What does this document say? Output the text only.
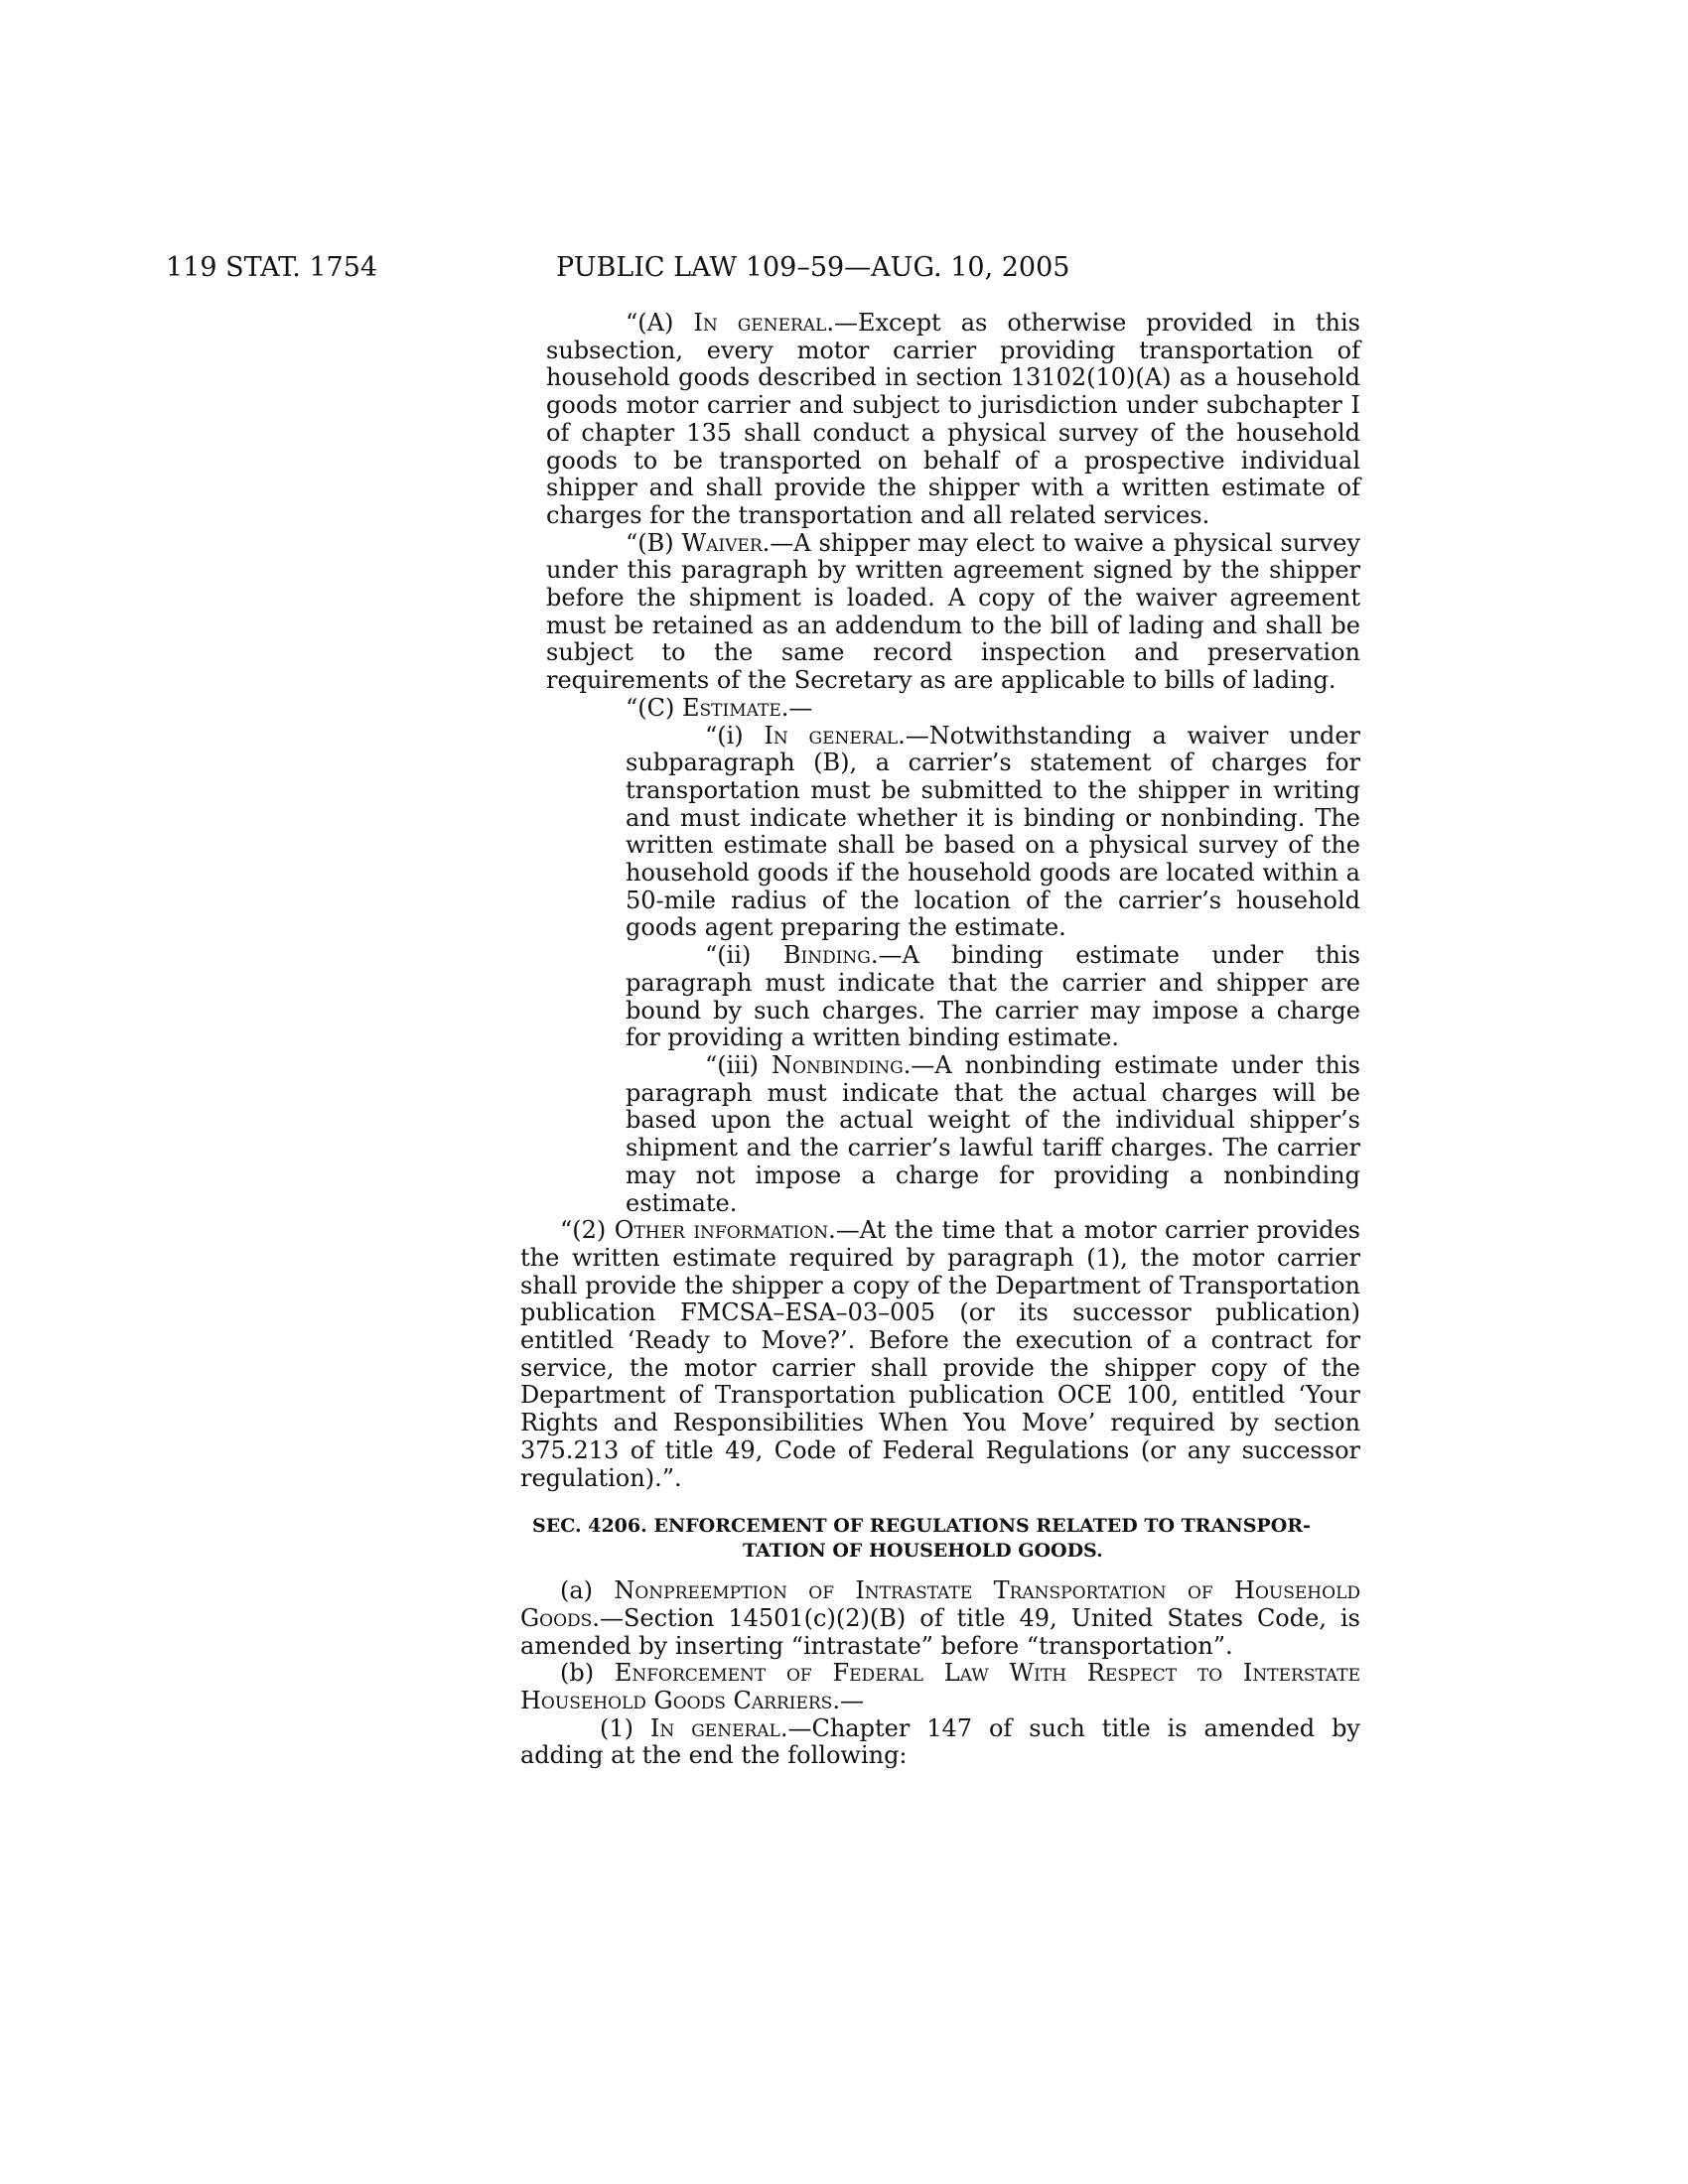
119 STAT. 1754	PUBLIC LAW 109–59—AUG. 10, 2005

“(A) In general.—Except as otherwise provided in this subsection, every motor carrier providing transportation of household goods described in section 13102(10)(A) as a household goods motor carrier and subject to jurisdiction under subchapter I of chapter 135 shall conduct a physical survey of the household goods to be transported on behalf of a prospective individual shipper and shall provide the shipper with a written estimate of charges for the transportation and all related services.

“(B) Waiver.—A shipper may elect to waive a physical survey under this paragraph by written agreement signed by the shipper before the shipment is loaded. A copy of the waiver agreement must be retained as an addendum to the bill of lading and shall be subject to the same record inspection and preservation requirements of the Secretary as are applicable to bills of lading.

“(C) Estimate.—

“(i) In general.—Notwithstanding a waiver under subparagraph (B), a carrier’s statement of charges for transportation must be submitted to the shipper in writing and must indicate whether it is binding or nonbinding. The written estimate shall be based on a physical survey of the household goods if the household goods are located within a 50-mile radius of the location of the carrier’s household goods agent preparing the estimate.

“(ii) Binding.—A binding estimate under this paragraph must indicate that the carrier and shipper are bound by such charges. The carrier may impose a charge for providing a written binding estimate.

“(iii) Nonbinding.—A nonbinding estimate under this paragraph must indicate that the actual charges will be based upon the actual weight of the individual shipper’s shipment and the carrier’s lawful tariff charges. The carrier may not impose a charge for providing a nonbinding estimate.

“(2) Other information.—At the time that a motor carrier provides the written estimate required by paragraph (1), the motor carrier shall provide the shipper a copy of the Department of Transportation publication FMCSA–ESA–03–005 (or its successor publication) entitled ‘Ready to Move?’. Before the execution of a contract for service, the motor carrier shall provide the shipper copy of the Department of Transportation publication OCE 100, entitled ‘Your Rights and Responsibilities When You Move’ required by section 375.213 of title 49, Code of Federal Regulations (or any successor regulation).”.

SEC. 4206. ENFORCEMENT OF REGULATIONS RELATED TO TRANSPOR-
TATION OF HOUSEHOLD GOODS.

(a) Nonpreemption of Intrastate Transportation of Household Goods.—Section 14501(c)(2)(B) of title 49, United States Code, is amended by inserting “intrastate” before “transportation”.

(b) Enforcement of Federal Law With Respect to Interstate Household Goods Carriers.—

(1) In general.—Chapter 147 of such title is amended by adding at the end the following:
